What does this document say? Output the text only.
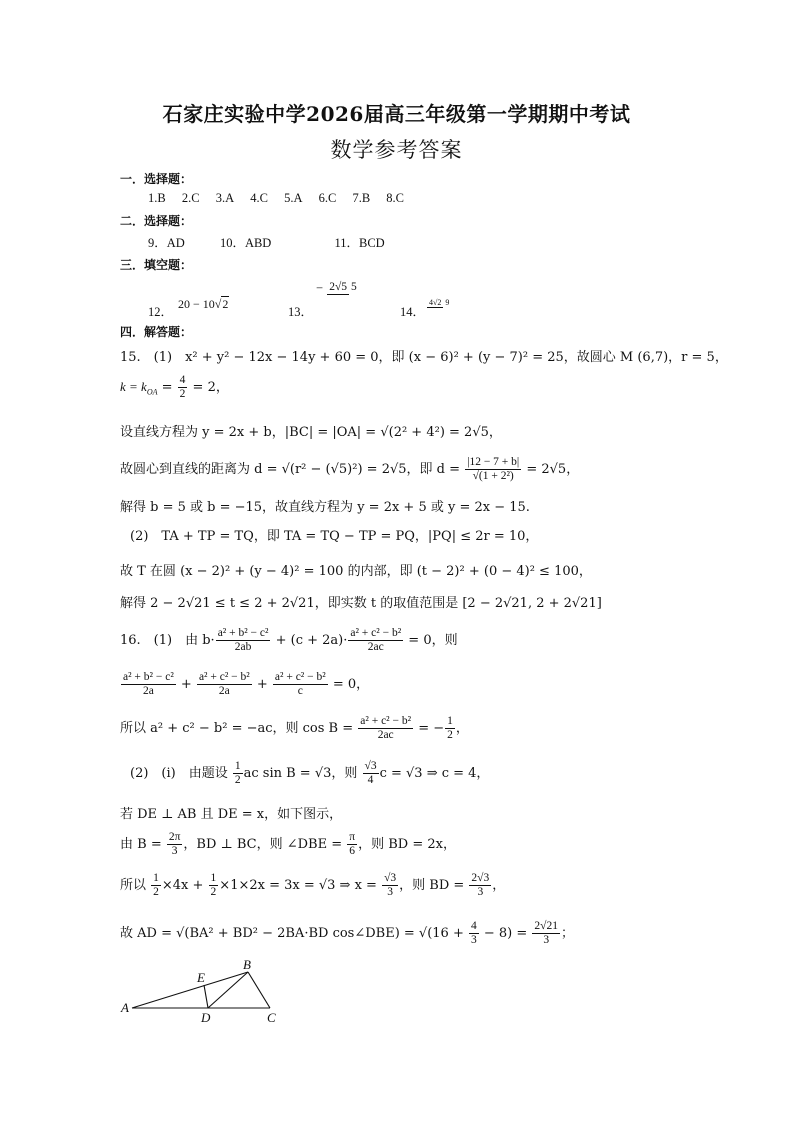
石家庄实验中学2026届高三年级第一学期期中考试
数学参考答案
一．选择题：
1.B 2.C 3.A 4.C 5.A 6.C 7.B 8.C
二．选择题：
9．AD	10．ABD	11．BCD
三．填空题：
12．
20 − 10√2
13．
− 2√5 5
14．
4√2 9
四．解答题：
15.　(1)　x² + y² − 12x − 14y + 60 = 0，即 (x − 6)² + (y − 7)² = 25，故圆心 M (6,7)，r = 5，
$k = k_{OA} = \frac{4}{2} = 2$，
设直线方程为 y = 2x + b，|BC| = |OA| = √(2² + 4²) = 2√5，
故圆心到直线的距离为 d = √(r² − (√5)²) = 2√5，即 $d = \frac{|12 - 7 + b|}{\text{√(1 + 2²)}} = 2√5$，
解得 b = 5 或 b = −15，故直线方程为 y = 2x + 5 或 y = 2x − 15.
(2)　TA + TP = TQ，即 TA = TQ − TP = PQ，|PQ| ≤ 2r = 10，
故 T 在圆 (x − 2)² + (y − 4)² = 100 的内部，即 (t − 2)² + (0 − 4)² ≤ 100，
解得 2 − 2√21 ≤ t ≤ 2 + 2√21，即实数 t 的取值范围是 [2 − 2√21, 2 + 2√21]
16.　(1)　由 $b\cdot \frac{\text{a² + b² − c²}}{2ab} + (c + 2a)\cdot \frac{\text{a² + c² − b²}}{2ac} = 0$，则
$\frac{\text{a² + b² − c²}}{2a} + \frac{\text{a² + c² − b²}}{2a} + \frac{\text{a² + c² − b²}}{c} = 0$，
所以 a² + c² − b² = −ac，则 $\cos B = \frac{\text{a² + c² − b²}}{2ac}$ = − $\frac{1}{2}$ ，
(2)　(i)　由题设 $\frac{1}{2}$ ac sin B = √3，则 $\frac{√3}{4}$ c = √3 ⇒ c = 4，
若 DE ⊥ AB 且 DE = x，如下图示，
由 $B = \frac{2\pi}{3}$ ，BD ⊥ BC，则 ∠DBE = $\frac{\pi}{6}$ ，则 BD = 2x，
所以 $\frac{1}{2} \times 4x + \frac{1}{2} \times 1\times 2x = 3x = √3$ ⇒ $x = \frac{√3}{3}$ ，则 BD = $\frac{2√3}{3}$ ，
故 AD = √(BA² + BD² − 2BA·BD cos∠DBE) = $√(16 + \frac{4}{3} - 8) = \frac{2√21}{3}$ ；
A
B
C
D
E
